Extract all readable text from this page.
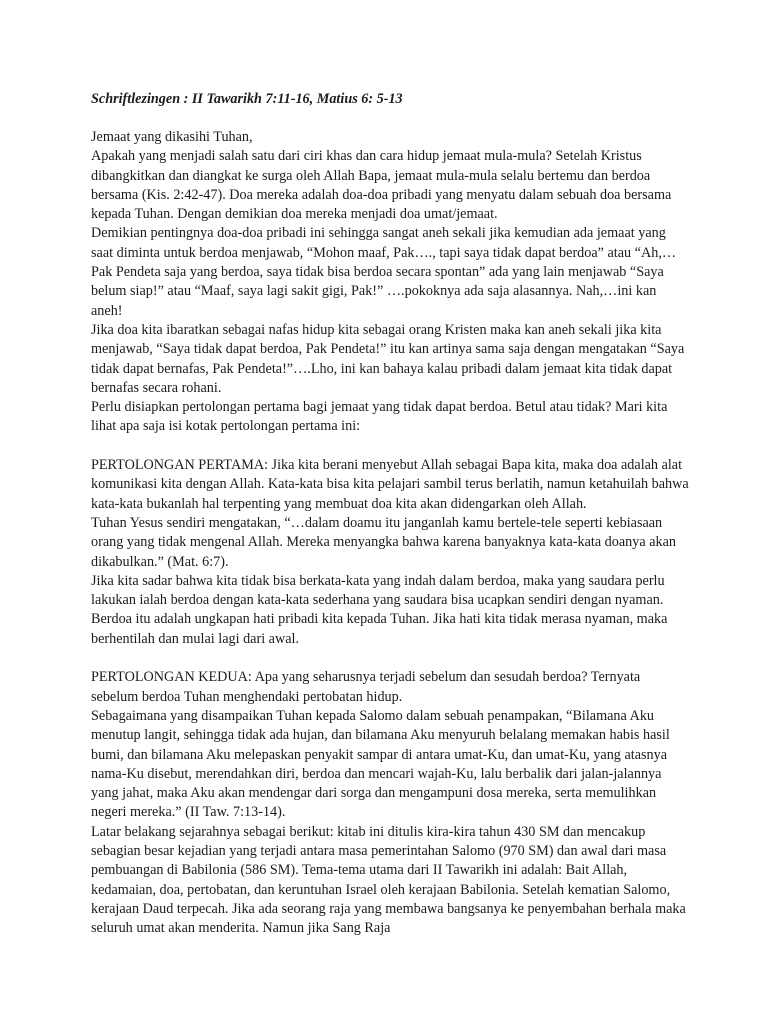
Schriftlezingen : II Tawarikh 7:11-16, Matius 6: 5-13

Jemaat yang dikasihi Tuhan,

Apakah yang menjadi salah satu dari ciri khas dan cara hidup jemaat mula-mula? Setelah Kristus dibangkitkan dan diangkat ke surga oleh Allah Bapa, jemaat mula-mula selalu bertemu dan berdoa bersama (Kis. 2:42-47). Doa mereka adalah doa-doa pribadi yang menyatu dalam sebuah doa bersama kepada Tuhan. Dengan demikian doa mereka menjadi doa umat/jemaat.

Demikian pentingnya doa-doa pribadi ini sehingga sangat aneh sekali jika kemudian ada jemaat yang saat diminta untuk berdoa menjawab, “Mohon maaf, Pak…., tapi saya tidak dapat berdoa” atau “Ah,…Pak Pendeta saja yang berdoa, saya tidak bisa berdoa secara spontan” ada yang lain menjawab “Saya belum siap!” atau “Maaf, saya lagi sakit gigi, Pak!” ….pokoknya ada saja alasannya. Nah,…ini kan aneh!

Jika doa kita ibaratkan sebagai nafas hidup kita sebagai orang Kristen maka kan aneh sekali jika kita menjawab, “Saya tidak dapat berdoa, Pak Pendeta!” itu kan artinya sama saja dengan mengatakan “Saya tidak dapat bernafas, Pak Pendeta!”….Lho, ini kan bahaya kalau pribadi dalam jemaat kita tidak dapat bernafas secara rohani.

Perlu disiapkan pertolongan pertama bagi jemaat yang tidak dapat berdoa. Betul atau tidak? Mari kita lihat apa saja isi kotak pertolongan pertama ini:

PERTOLONGAN PERTAMA: Jika kita berani menyebut Allah sebagai Bapa kita, maka doa adalah alat komunikasi kita dengan Allah. Kata-kata bisa kita pelajari sambil terus berlatih, namun ketahuilah bahwa kata-kata bukanlah hal terpenting yang membuat doa kita akan didengarkan oleh Allah.

Tuhan Yesus sendiri mengatakan, “…dalam doamu itu janganlah kamu bertele-tele seperti kebiasaan orang yang tidak mengenal Allah. Mereka menyangka bahwa karena banyaknya kata-kata doanya akan dikabulkan.” (Mat. 6:7).

Jika kita sadar bahwa kita tidak bisa berkata-kata yang indah dalam berdoa, maka yang saudara perlu lakukan ialah berdoa dengan kata-kata sederhana yang saudara bisa ucapkan sendiri dengan nyaman. Berdoa itu adalah ungkapan hati pribadi kita kepada Tuhan. Jika hati kita tidak merasa nyaman, maka berhentilah dan mulai lagi dari awal.

PERTOLONGAN KEDUA: Apa yang seharusnya terjadi sebelum dan sesudah berdoa? Ternyata sebelum berdoa Tuhan menghendaki pertobatan hidup.

Sebagaimana yang disampaikan Tuhan kepada Salomo dalam sebuah penampakan, “Bilamana Aku menutup langit, sehingga tidak ada hujan, dan bilamana Aku menyuruh belalang memakan habis hasil bumi, dan bilamana Aku melepaskan penyakit sampar di antara umat-Ku, dan umat-Ku, yang atasnya nama-Ku disebut, merendahkan diri, berdoa dan mencari wajah-Ku, lalu berbalik dari jalan-jalannya yang jahat, maka Aku akan mendengar dari sorga dan mengampuni dosa mereka, serta memulihkan negeri mereka.” (II Taw. 7:13-14).

Latar belakang sejarahnya sebagai berikut: kitab ini ditulis kira-kira tahun 430 SM dan mencakup sebagian besar kejadian yang terjadi antara masa pemerintahan Salomo (970 SM) dan awal dari masa pembuangan di Babilonia (586 SM). Tema-tema utama dari II Tawarikh ini adalah: Bait Allah, kedamaian, doa, pertobatan, dan keruntuhan Israel oleh kerajaan Babilonia. Setelah kematian Salomo, kerajaan Daud terpecah. Jika ada seorang raja yang membawa bangsanya ke penyembahan berhala maka seluruh umat akan menderita. Namun jika Sang Raja
